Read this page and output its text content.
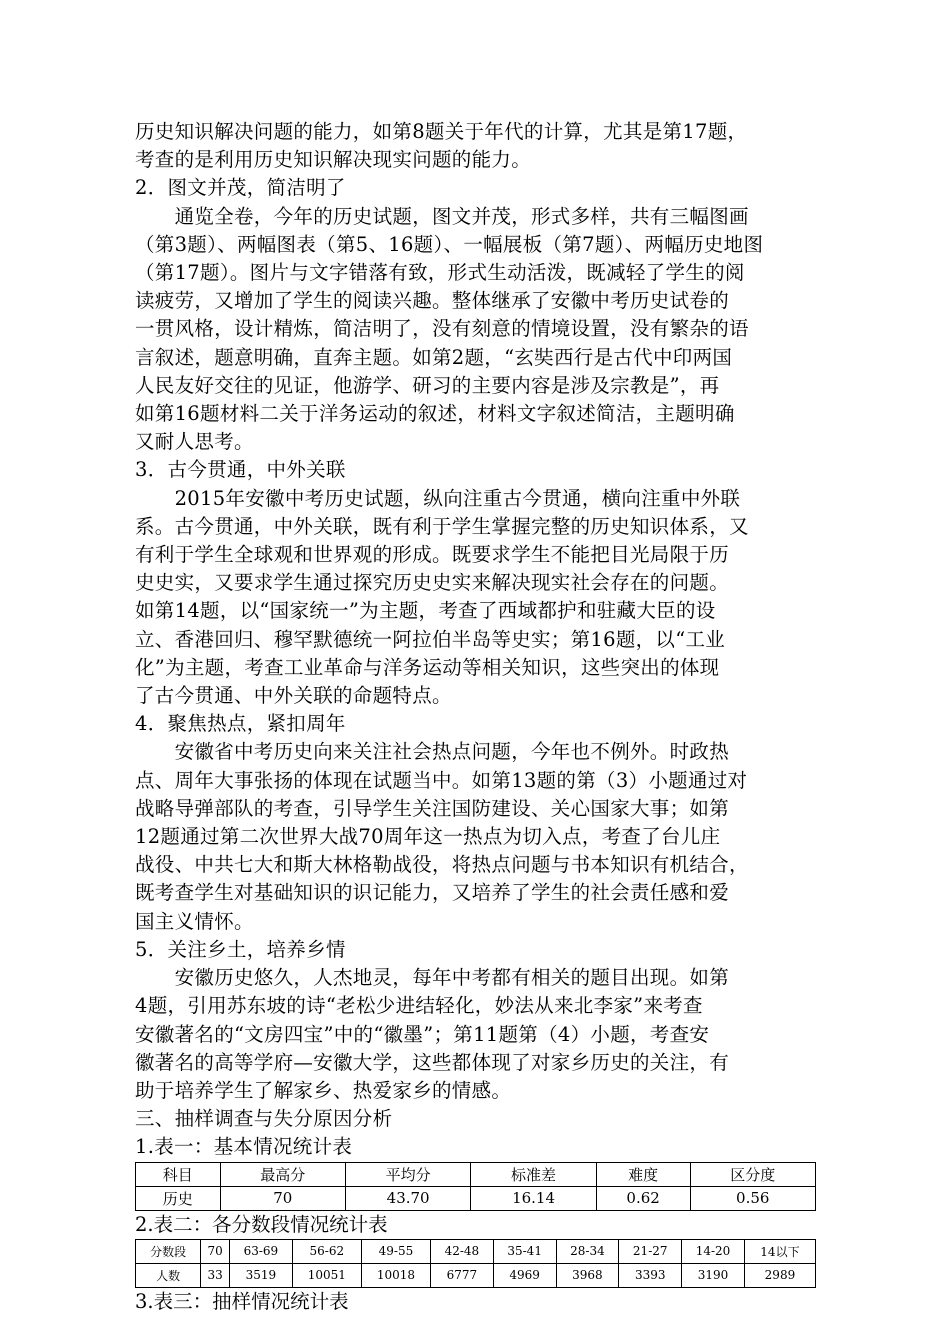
历史知识解决问题的能力，如第8题关于年代的计算，尤其是第17题，
考查的是利用历史知识解决现实问题的能力。
2．图文并茂，简洁明了
　　通览全卷，今年的历史试题，图文并茂，形式多样，共有三幅图画
（第3题）、两幅图表（第5、16题）、一幅展板（第7题）、两幅历史地图
（第17题）。图片与文字错落有致，形式生动活泼，既减轻了学生的阅
读疲劳，又增加了学生的阅读兴趣。整体继承了安徽中考历史试卷的
一贯风格，设计精炼，简洁明了，没有刻意的情境设置，没有繁杂的语
言叙述，题意明确，直奔主题。如第2题，“玄奘西行是古代中印两国
人民友好交往的见证，他游学、研习的主要内容是涉及宗教是”，再
如第16题材料二关于洋务运动的叙述，材料文字叙述简洁，主题明确
又耐人思考。
3．古今贯通，中外关联
　　2015年安徽中考历史试题，纵向注重古今贯通，横向注重中外联
系。古今贯通，中外关联，既有利于学生掌握完整的历史知识体系，又
有利于学生全球观和世界观的形成。既要求学生不能把目光局限于历
史史实，又要求学生通过探究历史史实来解决现实社会存在的问题。
如第14题，以“国家统一”为主题，考查了西域都护和驻藏大臣的设
立、香港回归、穆罕默德统一阿拉伯半岛等史实；第16题，以“工业
化”为主题，考查工业革命与洋务运动等相关知识，这些突出的体现
了古今贯通、中外关联的命题特点。
4．聚焦热点，紧扣周年
　　安徽省中考历史向来关注社会热点问题，今年也不例外。时政热
点、周年大事张扬的体现在试题当中。如第13题的第（3）小题通过对
战略导弹部队的考查，引导学生关注国防建设、关心国家大事；如第
12题通过第二次世界大战70周年这一热点为切入点，考查了台儿庄
战役、中共七大和斯大林格勒战役，将热点问题与书本知识有机结合，
既考查学生对基础知识的识记能力，又培养了学生的社会责任感和爱
国主义情怀。
5．关注乡土，培养乡情
　　安徽历史悠久，人杰地灵，每年中考都有相关的题目出现。如第
4题，引用苏东坡的诗“老松少进结轻化，妙法从来北李家”来考查
安徽著名的“文房四宝”中的“徽墨”；第11题第（4）小题，考查安
徽著名的高等学府—安徽大学，这些都体现了对家乡历史的关注，有
助于培养学生了解家乡、热爱家乡的情感。
三、抽样调查与失分原因分析
1.表一：基本情况统计表
科目	最高分	平均分	标准差	难度	区分度
历史	70	43.70	16.14	0.62	0.56
2.表二：各分数段情况统计表
分数段	70	63-69	56-62	49-55	42-48	35-41	28-34	21-27	14-20	14以下
人数	33	3519	10051	10018	6777	4969	3968	3393	3190	2989
3.表三：抽样情况统计表
